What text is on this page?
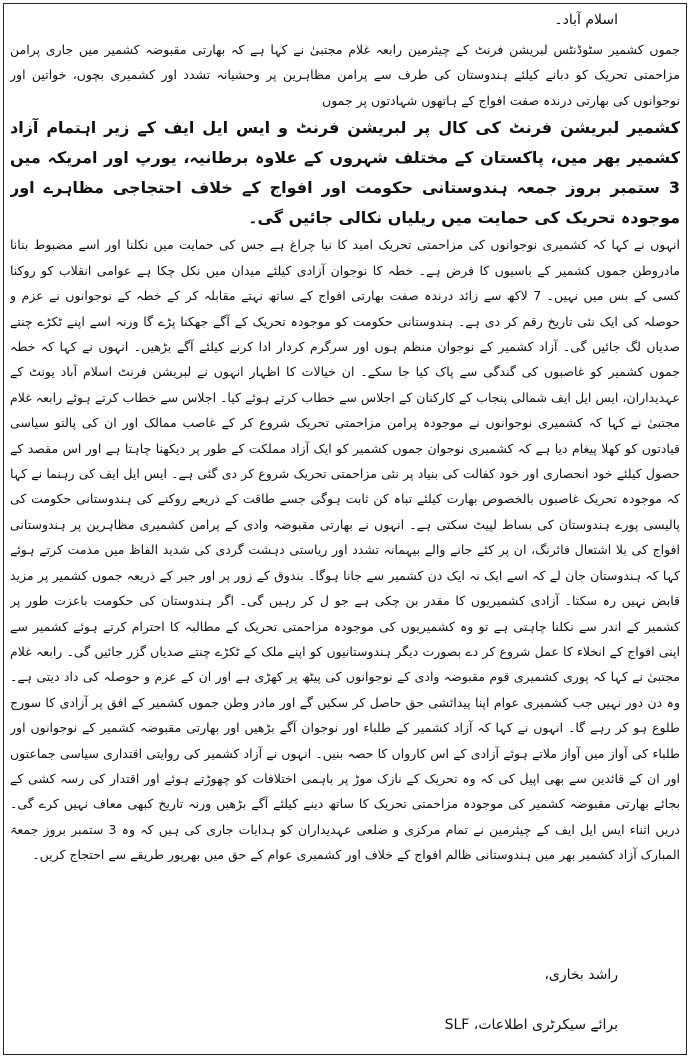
اسلام آباد۔

جموں کشمیر سٹوڈنٹس لبریشن فرنٹ کے چیئرمین رابعہ غلام مجتبیٰ نے کہا ہے کہ بھارتی مقبوضہ کشمیر میں جاری پرامن مزاحمتی تحریک کو دبانے کیلئے ہندوستان کی طرف سے پرامن مظاہرین پر وحشیانہ تشدد اور کشمیری بچوں، خواتین اور نوجوانوں کی بھارتی درندہ صفت افواج کے ہاتھوں شہادتوں پر جموں

کشمیر لبریشن فرنٹ کی کال پر لبریشن فرنٹ و ایس ایل ایف کے زیر اہتمام آزاد کشمیر بھر میں، پاکستان کے مختلف شہروں کے علاوہ برطانیہ، یورپ اور امریکہ میں 3 ستمبر بروز جمعہ ہندوستانی حکومت اور افواج کے خلاف احتجاجی مظاہرے اور موجودہ تحریک کی حمایت میں ریلیاں نکالی جائیں گی۔

انہوں نے کہا کہ کشمیری نوجوانوں کی مزاحمتی تحریک امید کا نیا چراغ ہے جس کی حمایت میں نکلنا اور اسے مضبوط بنانا مادروطن جموں کشمیر کے باسیوں کا فرض ہے۔ خطہ کا نوجوان آزادی کیلئے میدان میں نکل چکا ہے عوامی انقلاب کو روکنا کسی کے بس میں نہیں۔ 7 لاکھ سے زائد درندہ صفت بھارتی افواج کے ساتھ نہتے مقابلہ کر کے خطہ کے نوجوانوں نے عزم و حوصلہ کی ایک نئی تاریخ رقم کر دی ہے۔ ہندوستانی حکومت کو موجودہ تحریک کے آگے جھکنا پڑے گا ورنہ اسے اپنے ٹکڑے چنتے صدیاں لگ جائیں گی۔ آزاد کشمیر کے نوجوان منظم ہوں اور سرگرم کردار ادا کرنے کیلئے آگے بڑھیں۔ انہوں نے کہا کہ خطہ جموں کشمیر کو غاصبوں کی گندگی سے پاک کیا جا سکے۔ ان خیالات کا اظہار انہوں نے لبریشن فرنٹ اسلام آباد یونٹ کے عہدیداران، ایس ایل ایف شمالی پنجاب کے کارکنان کے اجلاس سے خطاب کرتے ہوئے کیا۔ اجلاس سے خطاب کرتے ہوئے رابعہ غلام مجتبیٰ نے کہا کہ کشمیری نوجوانوں نے موجودہ پرامن مزاحمتی تحریک شروع کر کے غاصب ممالک اور ان کی پالتو سیاسی قیادتوں کو کھلا پیغام دیا ہے کہ کشمیری نوجوان جموں کشمیر کو ایک آزاد مملکت کے طور پر دیکھنا چاہتا ہے اور اس مقصد کے حصول کیلئے خود انحصاری اور خود کفالت کی بنیاد پر نئی مزاحمتی تحریک شروع کر دی گئی ہے۔ ایس ایل ایف کی رہنما نے کہا کہ موجودہ تحریک غاصبوں بالخصوص بھارت کیلئے تباہ کن ثابت ہوگی جسے طاقت کے ذریعے روکنے کی ہندوستانی حکومت کی پالیسی پورے ہندوستان کی بساط لپیٹ سکتی ہے۔ انہوں نے بھارتی مقبوضہ وادی کے پرامن کشمیری مظاہرین پر ہندوستانی افواج کی بلا اشتعال فائرنگ، ان پر کئے جانے والے بیہمانہ تشدد اور ریاستی دہشت گردی کی شدید الفاظ میں مذمت کرتے ہوئے کہا کہ ہندوستان جان لے کہ اسے ایک نہ ایک دن کشمیر سے جانا ہوگا۔ بندوق کے زور پر اور جبر کے ذریعہ جموں کشمیر پر مزید قابض نہیں رہ سکتا۔ آزادی کشمیریوں کا مقدر بن چکی ہے جو ل کر رہیں گی۔ اگر ہندوستان کی حکومت باعزت طور پر کشمیر کے اندر سے نکلنا چاہتی ہے تو وہ کشمیریوں کی موجودہ مزاحمتی تحریک کے مطالبہ کا احترام کرتے ہوئے کشمیر سے اپنی افواج کے انخلاء کا عمل شروع کر دے بصورت دیگر ہندوستانیوں کو اپنے ملک کے ٹکڑے چنتے صدیاں گزر جائیں گی۔ رابعہ غلام مجتبیٰ نے کہا کہ پوری کشمیری قوم مقبوضہ وادی کے نوجوانوں کی پیٹھ پر کھڑی ہے اور ان کے عزم و حوصلہ کی داد دیتی ہے۔ وہ دن دور نہیں جب کشمیری عوام اپنا پیدائشی حق حاصل کر سکیں گے اور مادر وطن جموں کشمیر کے افق پر آزادی کا سورج طلوع ہو کر رہے گا۔ انہوں نے کہا کہ آزاد کشمیر کے طلباء اور نوجوان آگے بڑھیں اور بھارتی مقبوضہ کشمیر کے نوجوانوں اور طلباء کی آواز میں آواز ملاتے ہوئے آزادی کے اس کارواں کا حصہ بنیں۔ انہوں نے آزاد کشمیر کی روایتی اقتداری سیاسی جماعتوں اور ان کے قائدین سے بھی اپیل کی کہ وہ تحریک کے نازک موڑ پر باہمی اختلافات کو چھوڑتے ہوئے اور اقتدار کی رسہ کشی کے بجائے بھارتی مقبوضہ کشمیر کی موجودہ مزاحمتی تحریک کا ساتھ دینے کیلئے آگے بڑھیں ورنہ تاریخ کبھی معاف نہیں کرے گی۔ دریں اثناء ایس ایل ایف کے چیئرمین نے تمام مرکزی و ضلعی عہدیداران کو ہدایات جاری کی ہیں کہ وہ 3 ستمبر بروز جمعۃ المبارک آزاد کشمیر بھر میں ہندوستانی ظالم افواج کے خلاف اور کشمیری عوام کے حق میں بھرپور طریقے سے احتجاج کریں۔

راشد بخاری،
برائے سیکرٹری اطلاعات، SLF
